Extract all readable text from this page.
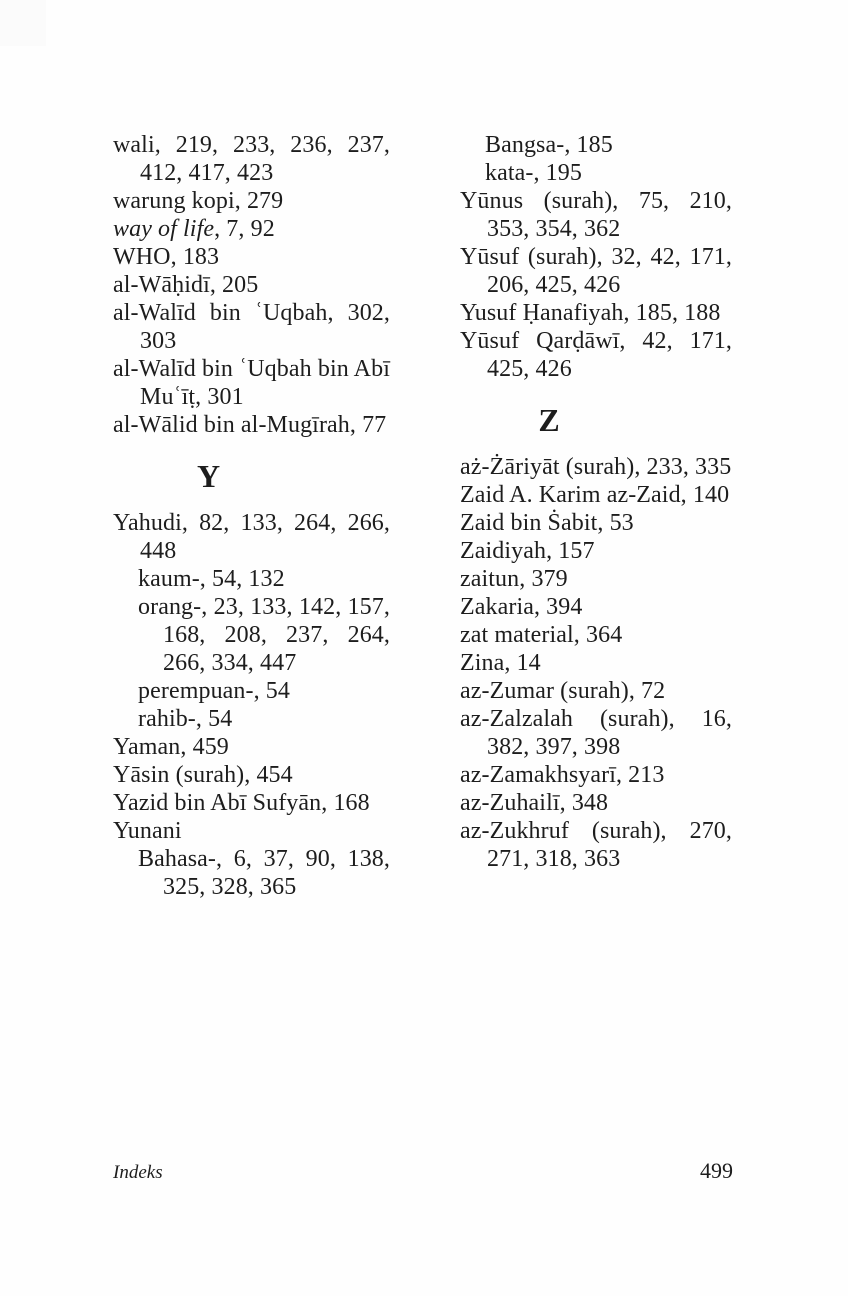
wali, 219, 233, 236, 237, 412, 417, 423
warung kopi, 279
way of life, 7, 92
WHO, 183
al-Wāḥidī, 205
al-Walīd bin ʿUqbah, 302, 303
al-Walīd bin ʿUqbah bin Abī Muʿīṭ, 301
al-Wālid bin al-Mugīrah, 77
Y
Yahudi, 82, 133, 264, 266, 448
kaum-, 54, 132
orang-, 23, 133, 142, 157, 168, 208, 237, 264, 266, 334, 447
perempuan-, 54
rahib-, 54
Yaman, 459
Yāsin (surah), 454
Yazid bin Abī Sufyān, 168
Yunani
Bahasa-, 6, 37, 90, 138, 325, 328, 365
Bangsa-, 185
kata-, 195
Yūnus (surah), 75, 210, 353, 354, 362
Yūsuf (surah), 32, 42, 171, 206, 425, 426
Yusuf Ḥanafiyah, 185, 188
Yūsuf Qarḍāwī, 42, 171, 425, 426
Z
aż-Żāriyāt (surah), 233, 335
Zaid A. Karim az-Zaid, 140
Zaid bin Ṡabit, 53
Zaidiyah, 157
zaitun, 379
Zakaria, 394
zat material, 364
Zina, 14
az-Zumar (surah), 72
az-Zalzalah (surah), 16, 382, 397, 398
az-Zamakhsyarī, 213
az-Zuhailī, 348
az-Zukhruf (surah), 270, 271, 318, 363
Indeks	499
